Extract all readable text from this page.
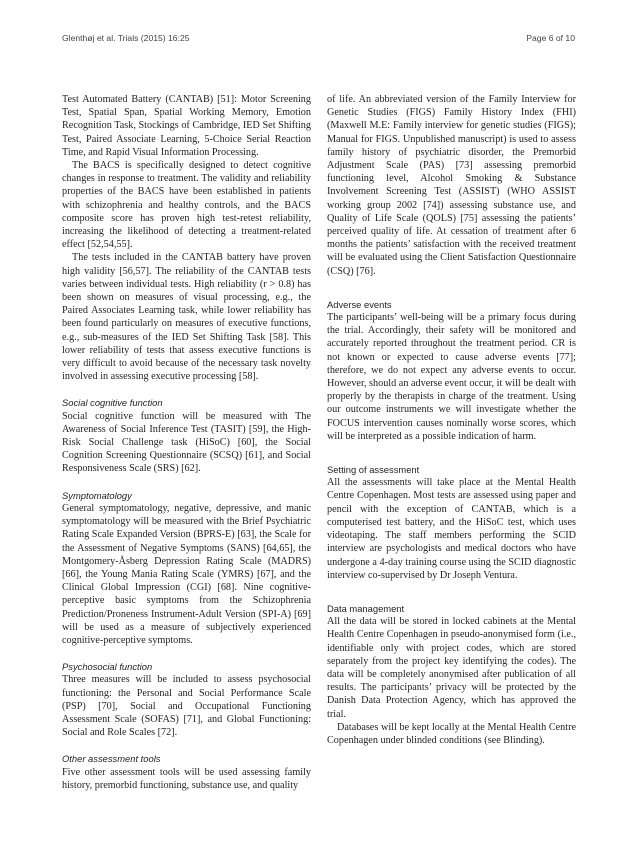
Glenthøj et al. Trials (2015) 16:25	Page 6 of 10

Test Automated Battery (CANTAB) [51]: Motor Screening Test, Spatial Span, Spatial Working Memory, Emotion Recognition Task, Stockings of Cambridge, IED Set Shifting Test, Paired Associate Learning, 5-Choice Serial Reaction Time, and Rapid Visual Information Processing.

The BACS is specifically designed to detect cognitive changes in response to treatment. The validity and reliability properties of the BACS have been established in patients with schizophrenia and healthy controls, and the BACS composite score has proven high test-retest reliability, increasing the likelihood of detecting a treatment-related effect [52,54,55].

The tests included in the CANTAB battery have proven high validity [56,57]. The reliability of the CANTAB tests varies between individual tests. High reliability (r > 0.8) has been shown on measures of visual processing, e.g., the Paired Associates Learning task, while lower reliability has been found particularly on measures of executive functions, e.g., sub-measures of the IED Set Shifting Task [58]. This lower reliability of tests that assess executive functions is very difficult to avoid because of the necessary task novelty involved in assessing executive processing [58].

Social cognitive function

Social cognitive function will be measured with The Awareness of Social Inference Test (TASIT) [59], the High-Risk Social Challenge task (HiSoC) [60], the Social Cognition Screening Questionnaire (SCSQ) [61], and Social Responsiveness Scale (SRS) [62].

Symptomatology

General symptomatology, negative, depressive, and manic symptomatology will be measured with the Brief Psychiatric Rating Scale Expanded Version (BPRS-E) [63], the Scale for the Assessment of Negative Symptoms (SANS) [64,65], the Montgomery-Åsberg Depression Rating Scale (MADRS) [66], the Young Mania Rating Scale (YMRS) [67], and the Clinical Global Impression (CGI) [68]. Nine cognitive-perceptive basic symptoms from the Schizophrenia Prediction/Proneness Instrument-Adult Version (SPI-A) [69] will be used as a measure of subjectively experienced cognitive-perceptive symptoms.

Psychosocial function

Three measures will be included to assess psychosocial functioning: the Personal and Social Performance Scale (PSP) [70], Social and Occupational Functioning Assessment Scale (SOFAS) [71], and Global Functioning: Social and Role Scales [72].

Other assessment tools

Five other assessment tools will be used assessing family history, premorbid functioning, substance use, and quality

of life. An abbreviated version of the Family Interview for Genetic Studies (FIGS) Family History Index (FHI) (Maxwell M.E: Family interview for genetic studies (FIGS); Manual for FIGS. Unpublished manuscript) is used to assess family history of psychiatric disorder, the Premorbid Adjustment Scale (PAS) [73] assessing premorbid functioning level, Alcohol Smoking & Substance Involvement Screening Test (ASSIST) (WHO ASSIST working group 2002 [74]) assessing substance use, and Quality of Life Scale (QOLS) [75] assessing the patients’ perceived quality of life. At cessation of treatment after 6 months the patients’ satisfaction with the received treatment will be evaluated using the Client Satisfaction Questionnaire (CSQ) [76].

Adverse events

The participants’ well-being will be a primary focus during the trial. Accordingly, their safety will be monitored and accurately reported throughout the treatment period. CR is not known or expected to cause adverse events [77]; therefore, we do not expect any adverse events to occur. However, should an adverse event occur, it will be dealt with properly by the therapists in charge of the treatment. Using our outcome instruments we will investigate whether the FOCUS intervention causes nominally worse scores, which will be interpreted as a possible indication of harm.

Setting of assessment

All the assessments will take place at the Mental Health Centre Copenhagen. Most tests are assessed using paper and pencil with the exception of CANTAB, which is a computerised test battery, and the HiSoC test, which uses videotaping. The staff members performing the SCID interview are psychologists and medical doctors who have undergone a 4-day training course using the SCID diagnostic interview co-supervised by Dr Joseph Ventura.

Data management

All the data will be stored in locked cabinets at the Mental Health Centre Copenhagen in pseudo-anonymised form (i.e., identifiable only with project codes, which are stored separately from the project key identifying the codes). The data will be completely anonymised after publication of all results. The participants’ privacy will be protected by the Danish Data Protection Agency, which has approved the trial.

Databases will be kept locally at the Mental Health Centre Copenhagen under blinded conditions (see Blinding).
